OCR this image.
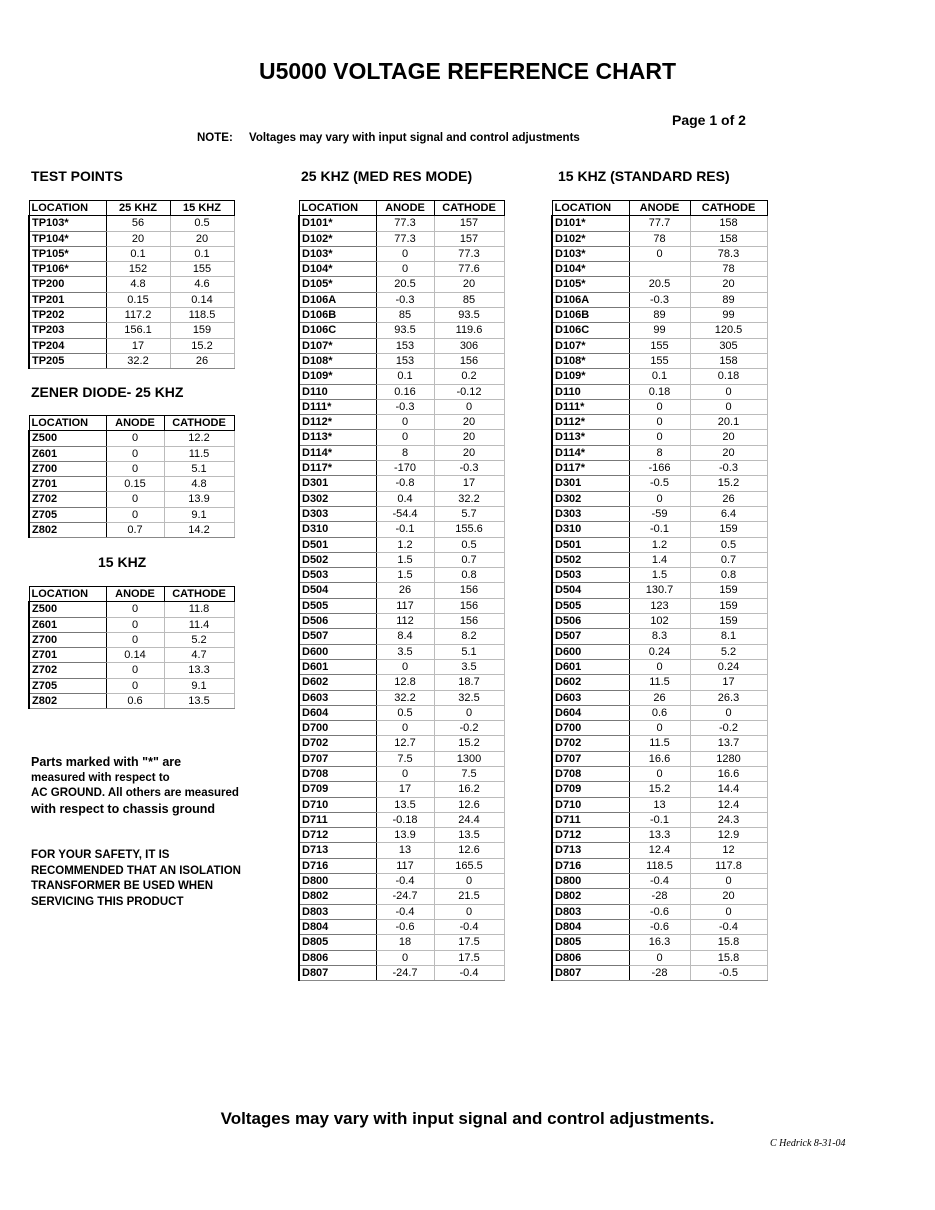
U5000 VOLTAGE REFERENCE CHART
Page 1 of 2
NOTE: Voltages may vary with input signal and control adjustments
TEST POINTS
LOCATION	25 KHZ	15 KHZ
TP103*	56	0.5
TP104*	20	20
TP105*	0.1	0.1
TP106*	152	155
TP200	4.8	4.6
TP201	0.15	0.14
TP202	117.2	118.5
TP203	156.1	159
TP204	17	15.2
TP205	32.2	26
ZENER DIODE- 25 KHZ
LOCATION	ANODE	CATHODE
Z500	0	12.2
Z601	0	11.5
Z700	0	5.1
Z701	0.15	4.8
Z702	0	13.9
Z705	0	9.1
Z802	0.7	14.2
15 KHZ
LOCATION	ANODE	CATHODE
Z500	0	11.8
Z601	0	11.4
Z700	0	5.2
Z701	0.14	4.7
Z702	0	13.3
Z705	0	9.1
Z802	0.6	13.5
Parts marked with "*" are
measured with respect to
AC GROUND. All others are measured
with respect to chassis ground
FOR YOUR SAFETY, IT IS
RECOMMENDED THAT AN ISOLATION
TRANSFORMER BE USED WHEN
SERVICING THIS PRODUCT
25 KHZ (MED RES MODE)
LOCATION	ANODE	CATHODE
D101*	77.3	157
D102*	77.3	157
D103*	0	77.3
D104*	0	77.6
D105*	20.5	20
D106A	-0.3	85
D106B	85	93.5
D106C	93.5	119.6
D107*	153	306
D108*	153	156
D109*	0.1	0.2
D110	0.16	-0.12
D111*	-0.3	0
D112*	0	20
D113*	0	20
D114*	8	20
D117*	-170	-0.3
D301	-0.8	17
D302	0.4	32.2
D303	-54.4	5.7
D310	-0.1	155.6
D501	1.2	0.5
D502	1.5	0.7
D503	1.5	0.8
D504	26	156
D505	117	156
D506	112	156
D507	8.4	8.2
D600	3.5	5.1
D601	0	3.5
D602	12.8	18.7
D603	32.2	32.5
D604	0.5	0
D700	0	-0.2
D702	12.7	15.2
D707	7.5	1300
D708	0	7.5
D709	17	16.2
D710	13.5	12.6
D711	-0.18	24.4
D712	13.9	13.5
D713	13	12.6
D716	117	165.5
D800	-0.4	0
D802	-24.7	21.5
D803	-0.4	0
D804	-0.6	-0.4
D805	18	17.5
D806	0	17.5
D807	-24.7	-0.4
15 KHZ (STANDARD RES)
LOCATION	ANODE	CATHODE
D101*	77.7	158
D102*	78	158
D103*	0	78.3
D104*		78
D105*	20.5	20
D106A	-0.3	89
D106B	89	99
D106C	99	120.5
D107*	155	305
D108*	155	158
D109*	0.1	0.18
D110	0.18	0
D111*	0	0
D112*	0	20.1
D113*	0	20
D114*	8	20
D117*	-166	-0.3
D301	-0.5	15.2
D302	0	26
D303	-59	6.4
D310	-0.1	159
D501	1.2	0.5
D502	1.4	0.7
D503	1.5	0.8
D504	130.7	159
D505	123	159
D506	102	159
D507	8.3	8.1
D600	0.24	5.2
D601	0	0.24
D602	11.5	17
D603	26	26.3
D604	0.6	0
D700	0	-0.2
D702	11.5	13.7
D707	16.6	1280
D708	0	16.6
D709	15.2	14.4
D710	13	12.4
D711	-0.1	24.3
D712	13.3	12.9
D713	12.4	12
D716	118.5	117.8
D800	-0.4	0
D802	-28	20
D803	-0.6	0
D804	-0.6	-0.4
D805	16.3	15.8
D806	0	15.8
D807	-28	-0.5
Voltages may vary with input signal and control adjustments.
C Hedrick 8-31-04
